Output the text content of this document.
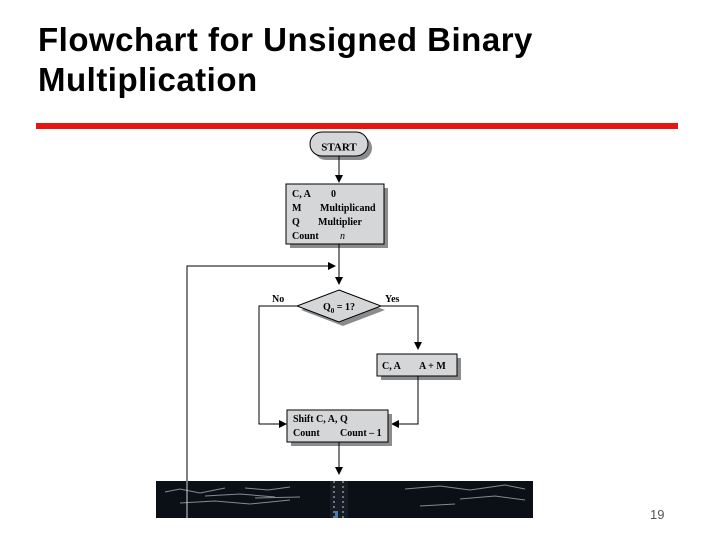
Flowchart for Unsigned Binary
Multiplication
START
C, A 0
M Multiplicand
Q Multiplier
Count n
$Q_0 = 1$?
No	Yes
C, A A + M
Shift C, A, Q
Count Count – 1
19
